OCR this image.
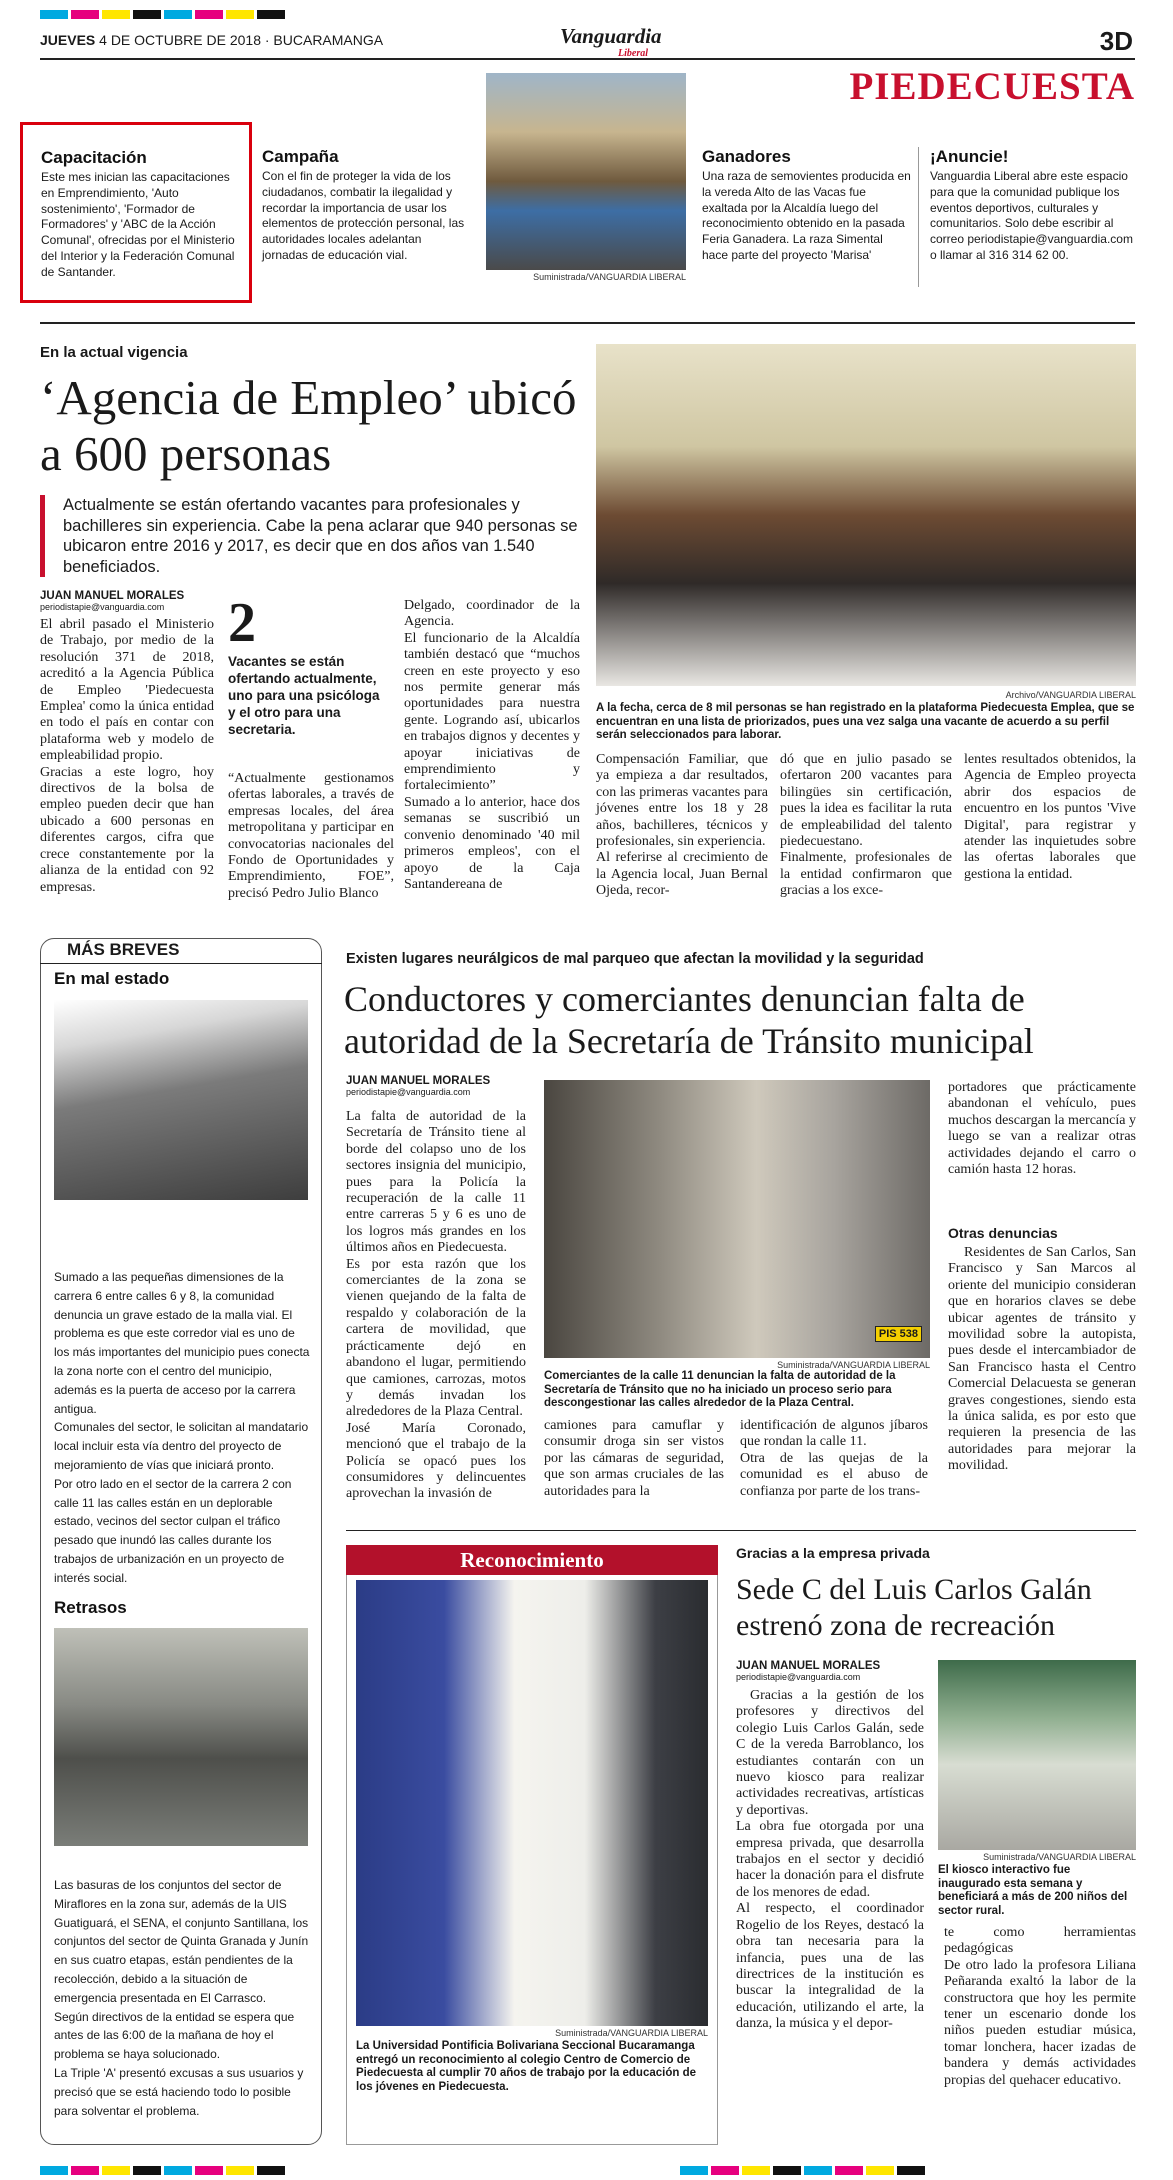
JUEVES 4 DE OCTUBRE DE 2018 · BUCARAMANGA	Vanguardia
Liberal	3D
PIEDECUESTA
Capacitación
Este mes inician las capacitaciones en Emprendimiento, 'Auto sostenimiento', 'Formador de Formadores' y 'ABC de la Acción Comunal', ofrecidas por el Ministerio del Interior y la Federación Comunal de Santander.
Campaña
Con el fin de proteger la vida de los ciudadanos, combatir la ilegalidad y recordar la importancia de usar los elementos de protección personal, las autoridades locales adelantan jornadas de educación vial.
Suministrada/VANGUARDIA LIBERAL
Ganadores
Una raza de semovientes producida en la vereda Alto de las Vacas fue exaltada por la Alcaldía luego del reconocimiento obtenido en la pasada Feria Ganadera. La raza Simental hace parte del proyecto 'Marisa'
¡Anuncie!
Vanguardia Liberal abre este espacio para que la comunidad publique los eventos deportivos, culturales y comunitarios. Solo debe escribir al correo periodistapie@vanguardia.com o llamar al 316 314 62 00.
En la actual vigencia
‘Agencia de Empleo’ ubicó a 600 personas
Actualmente se están ofertando vacantes para profesionales y bachilleres sin experiencia. Cabe la pena aclarar que 940 personas se ubicaron entre 2016 y 2017, es decir que en dos años van 1.540 beneficiados.
JUAN MANUEL MORALES
periodistapie@vanguardia.com
El abril pasado el Ministerio de Trabajo, por medio de la resolución 371 de 2018, acreditó a la Agencia Pública de Empleo 'Piedecuesta Emplea' como la única entidad en todo el país en contar con plataforma web y modelo de empleabilidad propio.
Gracias a este logro, hoy directivos de la bolsa de empleo pueden decir que han ubicado a 600 personas en diferentes cargos, cifra que crece constantemente por la alianza de la entidad con 92 empresas.
2
Vacantes se están ofertando actualmente, uno para una psicóloga y el otro para una secretaria.
“Actualmente gestionamos ofertas laborales, a través de empresas locales, del área metropolitana y participar en convocatorias nacionales del Fondo de Oportunidades y Emprendimiento, FOE”, precisó Pedro Julio Blanco
Delgado, coordinador de la Agencia.
El funcionario de la Alcaldía también destacó que “muchos creen en este proyecto y eso nos permite generar más oportunidades para nuestra gente. Logrando así, ubicarlos en trabajos dignos y decentes y apoyar iniciativas de emprendimiento y fortalecimiento”
Sumado a lo anterior, hace dos semanas se suscribió un convenio denominado '40 mil primeros empleos', con el apoyo de la Caja Santandereana de
Archivo/VANGUARDIA LIBERAL
A la fecha, cerca de 8 mil personas se han registrado en la plataforma Piedecuesta Emplea, que se encuentran en una lista de priorizados, pues una vez salga una vacante de acuerdo a su perfil serán seleccionados para laborar.
Compensación Familiar, que ya empieza a dar resultados, con las primeras vacantes para jóvenes entre los 18 y 28 años, bachilleres, técnicos y profesionales, sin experiencia.
Al referirse al crecimiento de la Agencia local, Juan Bernal Ojeda, recor-
dó que en julio pasado se ofertaron 200 vacantes para bilingües sin certificación, pues la idea es facilitar la ruta de empleabilidad del talento piedecuestano.
Finalmente, profesionales de la entidad confirmaron que gracias a los exce-
lentes resultados obtenidos, la Agencia de Empleo proyecta abrir dos espacios de encuentro en los puntos 'Vive Digital', para registrar y atender las inquietudes sobre las ofertas laborales que gestiona la entidad.
MÁS BREVES
En mal estado
Sumado a las pequeñas dimensiones de la carrera 6 entre calles 6 y 8, la comunidad denuncia un grave estado de la malla vial. El problema es que este corredor vial es uno de los más importantes del municipio pues conecta la zona norte con el centro del municipio, además es la puerta de acceso por la carrera antigua.
Comunales del sector, le solicitan al mandatario local incluir esta vía dentro del proyecto de mejoramiento de vías que iniciará pronto.
Por otro lado en el sector de la carrera 2 con calle 11 las calles están en un deplorable estado, vecinos del sector culpan el tráfico pesado que inundó las calles durante los trabajos de urbanización en un proyecto de interés social.
Retrasos
Las basuras de los conjuntos del sector de Miraflores en la zona sur, además de la UIS Guatiguará, el SENA, el conjunto Santillana, los conjuntos del sector de Quinta Granada y Junín en sus cuatro etapas, están pendientes de la recolección, debido a la situación de emergencia presentada en El Carrasco.
Según directivos de la entidad se espera que antes de las 6:00 de la mañana de hoy el problema se haya solucionado.
La Triple 'A' presentó excusas a sus usuarios y precisó que se está haciendo todo lo posible para solventar el problema.
Existen lugares neurálgicos de mal parqueo que afectan la movilidad y la seguridad
Conductores y comerciantes denuncian falta de autoridad de la Secretaría de Tránsito municipal
JUAN MANUEL MORALES
periodistapie@vanguardia.com
La falta de autoridad de la Secretaría de Tránsito tiene al borde del colapso uno de los sectores insignia del municipio, pues para la Policía la recuperación de la calle 11 entre carreras 5 y 6 es uno de los logros más grandes en los últimos años en Piedecuesta.
Es por esta razón que los comerciantes de la zona se vienen quejando de la falta de respaldo y colaboración de la cartera de movilidad, que prácticamente dejó en abandono el lugar, permitiendo que camiones, carrozas, motos y demás invadan los alrededores de la Plaza Central.
José María Coronado, mencionó que el trabajo de la Policía se opacó pues los consumidores y delincuentes aprovechan la invasión de
PIS 538
Suministrada/VANGUARDIA LIBERAL
Comerciantes de la calle 11 denuncian la falta de autoridad de la Secretaría de Tránsito que no ha iniciado un proceso serio para descongestionar las calles alrededor de la Plaza Central.
camiones para camuflar y consumir droga sin ser vistos por las cámaras de seguridad, que son armas cruciales de las autoridades para la
identificación de algunos jíbaros que rondan la calle 11.
Otra de las quejas de la comunidad es el abuso de confianza por parte de los trans-
portadores que prácticamente abandonan el vehículo, pues muchos descargan la mercancía y luego se van a realizar otras actividades dejando el carro o camión hasta 12 horas.
Otras denuncias
Residentes de San Carlos, San Francisco y San Marcos al oriente del municipio consideran que en horarios claves se debe ubicar agentes de tránsito y movilidad sobre la autopista, pues desde el intercambiador de San Francisco hasta el Centro Comercial Delacuesta se generan graves congestiones, siendo esta la única salida, es por esto que requieren la presencia de las autoridades para mejorar la movilidad.
Reconocimiento
Suministrada/VANGUARDIA LIBERAL
La Universidad Pontificia Bolivariana Seccional Bucaramanga entregó un reconocimiento al colegio Centro de Comercio de Piedecuesta al cumplir 70 años de trabajo por la educación de los jóvenes en Piedecuesta.
Gracias a la empresa privada
Sede C del Luis Carlos Galán estrenó zona de recreación
JUAN MANUEL MORALES
periodistapie@vanguardia.com
Gracias a la gestión de los profesores y directivos del colegio Luis Carlos Galán, sede C de la vereda Barroblanco, los estudiantes contarán con un nuevo kiosco para realizar actividades recreativas, artísticas y deportivas.
La obra fue otorgada por una empresa privada, que desarrolla trabajos en el sector y decidió hacer la donación para el disfrute de los menores de edad.
Al respecto, el coordinador Rogelio de los Reyes, destacó la obra tan necesaria para la infancia, pues una de las directrices de la institución es buscar la integralidad de la educación, utilizando el arte, la danza, la música y el depor-
Suministrada/VANGUARDIA LIBERAL
El kiosco interactivo fue inaugurado esta semana y beneficiará a más de 200 niños del sector rural.
te como herramientas pedagógicas
De otro lado la profesora Liliana Peñaranda exaltó la labor de la constructora que hoy les permite tener un escenario donde los niños pueden estudiar música, tomar lonchera, hacer izadas de bandera y demás actividades propias del quehacer educativo.
